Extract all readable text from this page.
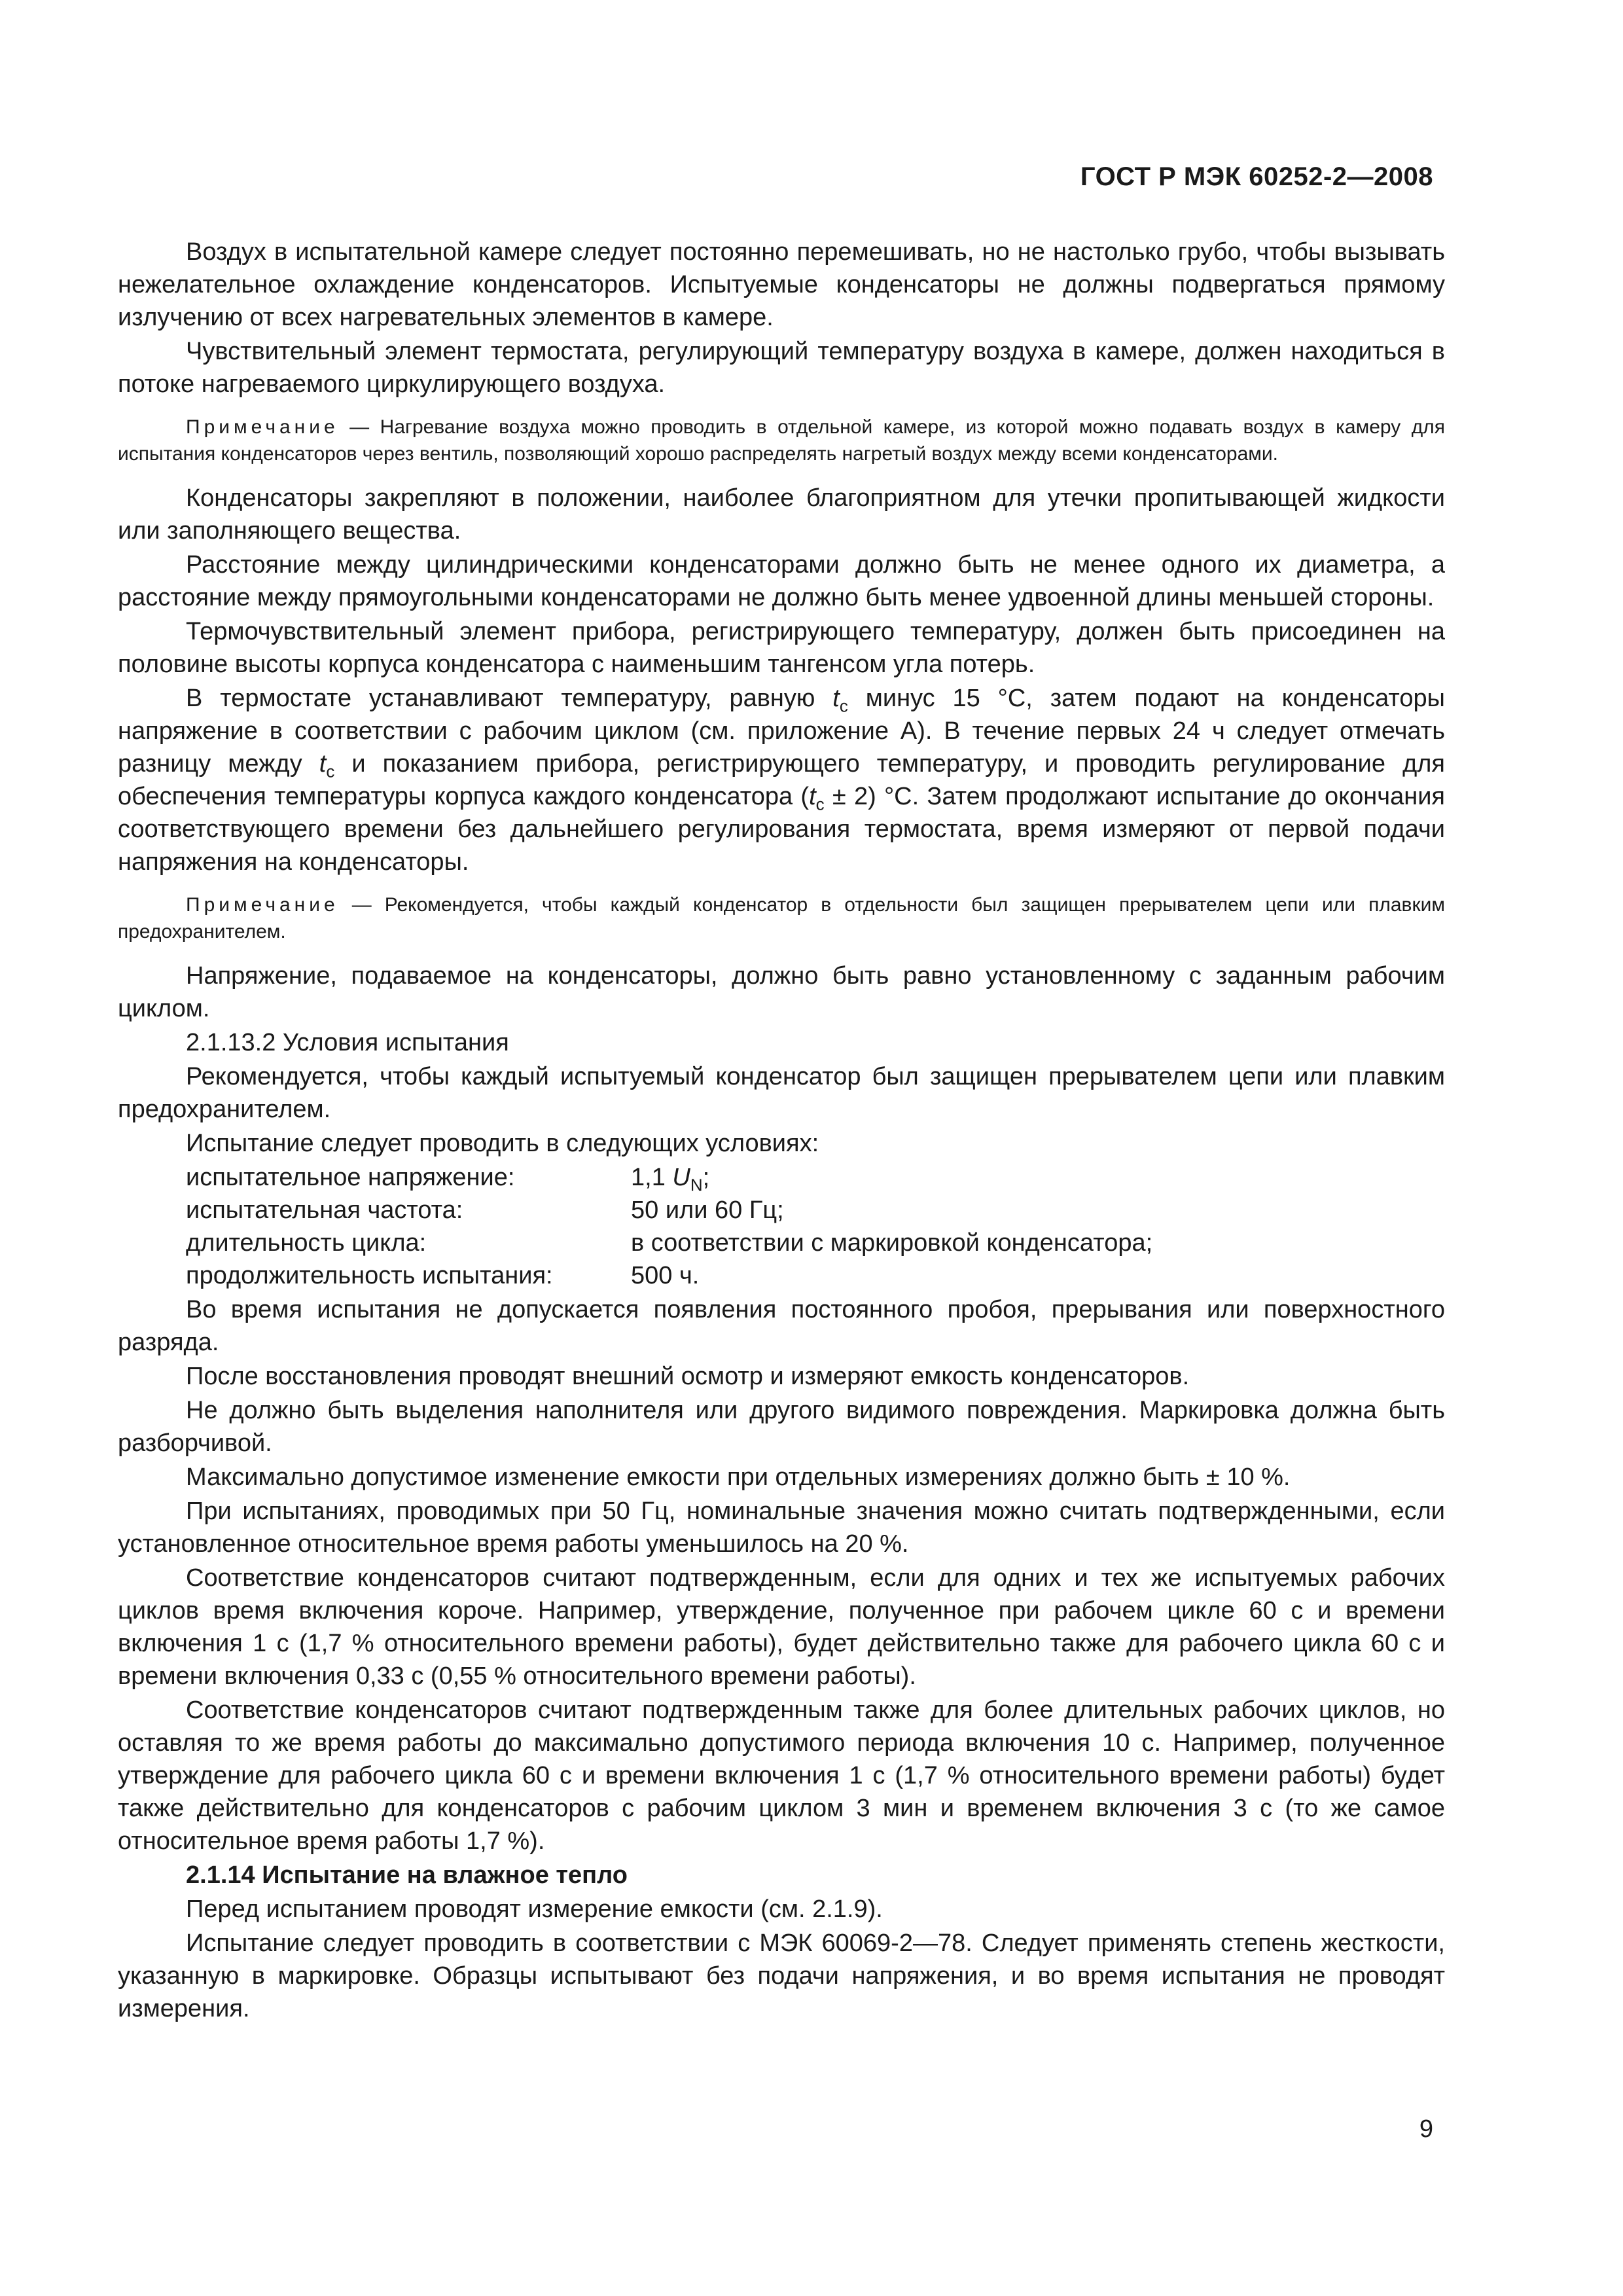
ГОСТ Р МЭК 60252-2—2008

Воздух в испытательной камере следует постоянно перемешивать, но не настолько грубо, чтобы вызывать нежелательное охлаждение конденсаторов. Испытуемые конденсаторы не должны подвергаться прямому излучению от всех нагревательных элементов в камере.

Чувствительный элемент термостата, регулирующий температуру воздуха в камере, должен находиться в потоке нагреваемого циркулирующего воздуха.

Примечание — Нагревание воздуха можно проводить в отдельной камере, из которой можно подавать воздух в камеру для испытания конденсаторов через вентиль, позволяющий хорошо распределять нагретый воздух между всеми конденсаторами.

Конденсаторы закрепляют в положении, наиболее благоприятном для утечки пропитывающей жидкости или заполняющего вещества.

Расстояние между цилиндрическими конденсаторами должно быть не менее одного их диаметра, а расстояние между прямоугольными конденсаторами не должно быть менее удвоенной длины меньшей стороны.

Термочувствительный элемент прибора, регистрирующего температуру, должен быть присоединен на половине высоты корпуса конденсатора с наименьшим тангенсом угла потерь.

В термостате устанавливают температуру, равную $t_c$ минус 15 °С, затем подают на конденсаторы напряжение в соответствии с рабочим циклом (см. приложение А). В течение первых 24 ч следует отмечать разницу между $t_c$ и показанием прибора, регистрирующего температуру, и проводить регулирование для обеспечения температуры корпуса каждого конденсатора $(t_c \pm 2)$ °С. Затем продолжают испытание до окончания соответствующего времени без дальнейшего регулирования термостата, время измеряют от первой подачи напряжения на конденсаторы.

Примечание — Рекомендуется, чтобы каждый конденсатор в отдельности был защищен прерывателем цепи или плавким предохранителем.

Напряжение, подаваемое на конденсаторы, должно быть равно установленному с заданным рабочим циклом.

2.1.13.2 Условия испытания

Рекомендуется, чтобы каждый испытуемый конденсатор был защищен прерывателем цепи или плавким предохранителем.

Испытание следует проводить в следующих условиях:

испытательное напряжение:	1,1 $U_N$;
испытательная частота:	50 или 60 Гц;
длительность цикла:	в соответствии с маркировкой конденсатора;
продолжительность испытания:	500 ч.

Во время испытания не допускается появления постоянного пробоя, прерывания или поверхностного разряда.

После восстановления проводят внешний осмотр и измеряют емкость конденсаторов.

Не должно быть выделения наполнителя или другого видимого повреждения. Маркировка должна быть разборчивой.

Максимально допустимое изменение емкости при отдельных измерениях должно быть ± 10 %.

При испытаниях, проводимых при 50 Гц, номинальные значения можно считать подтвержденными, если установленное относительное время работы уменьшилось на 20 %.

Соответствие конденсаторов считают подтвержденным, если для одних и тех же испытуемых рабочих циклов время включения короче. Например, утверждение, полученное при рабочем цикле 60 с и времени включения 1 с (1,7 % относительного времени работы), будет действительно также для рабочего цикла 60 с и времени включения 0,33 с (0,55 % относительного времени работы).

Соответствие конденсаторов считают подтвержденным также для более длительных рабочих циклов, но оставляя то же время работы до максимально допустимого периода включения 10 с. Например, полученное утверждение для рабочего цикла 60 с и времени включения 1 с (1,7 % относительного времени работы) будет также действительно для конденсаторов с рабочим циклом 3 мин и временем включения 3 с (то же самое относительное время работы 1,7 %).

2.1.14 Испытание на влажное тепло

Перед испытанием проводят измерение емкости (см. 2.1.9).

Испытание следует проводить в соответствии с МЭК 60069-2—78. Следует применять степень жесткости, указанную в маркировке. Образцы испытывают без подачи напряжения, и во время испытания не проводят измерения.

9
